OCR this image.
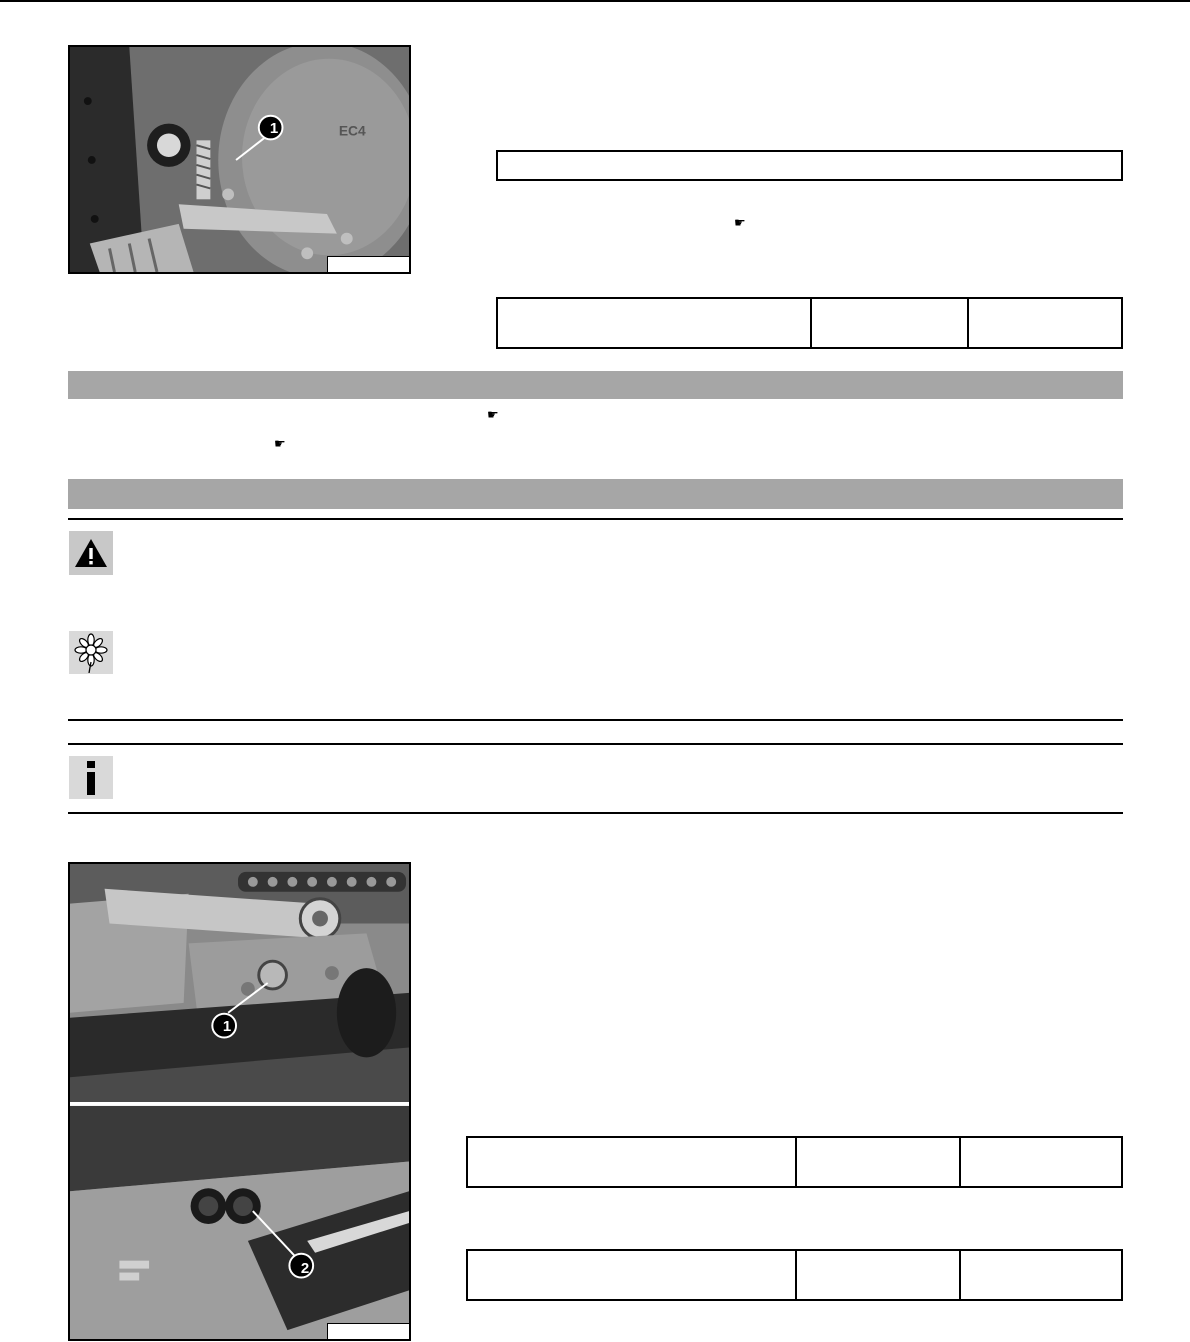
EC4
1
☛
☛
☛
1
2
